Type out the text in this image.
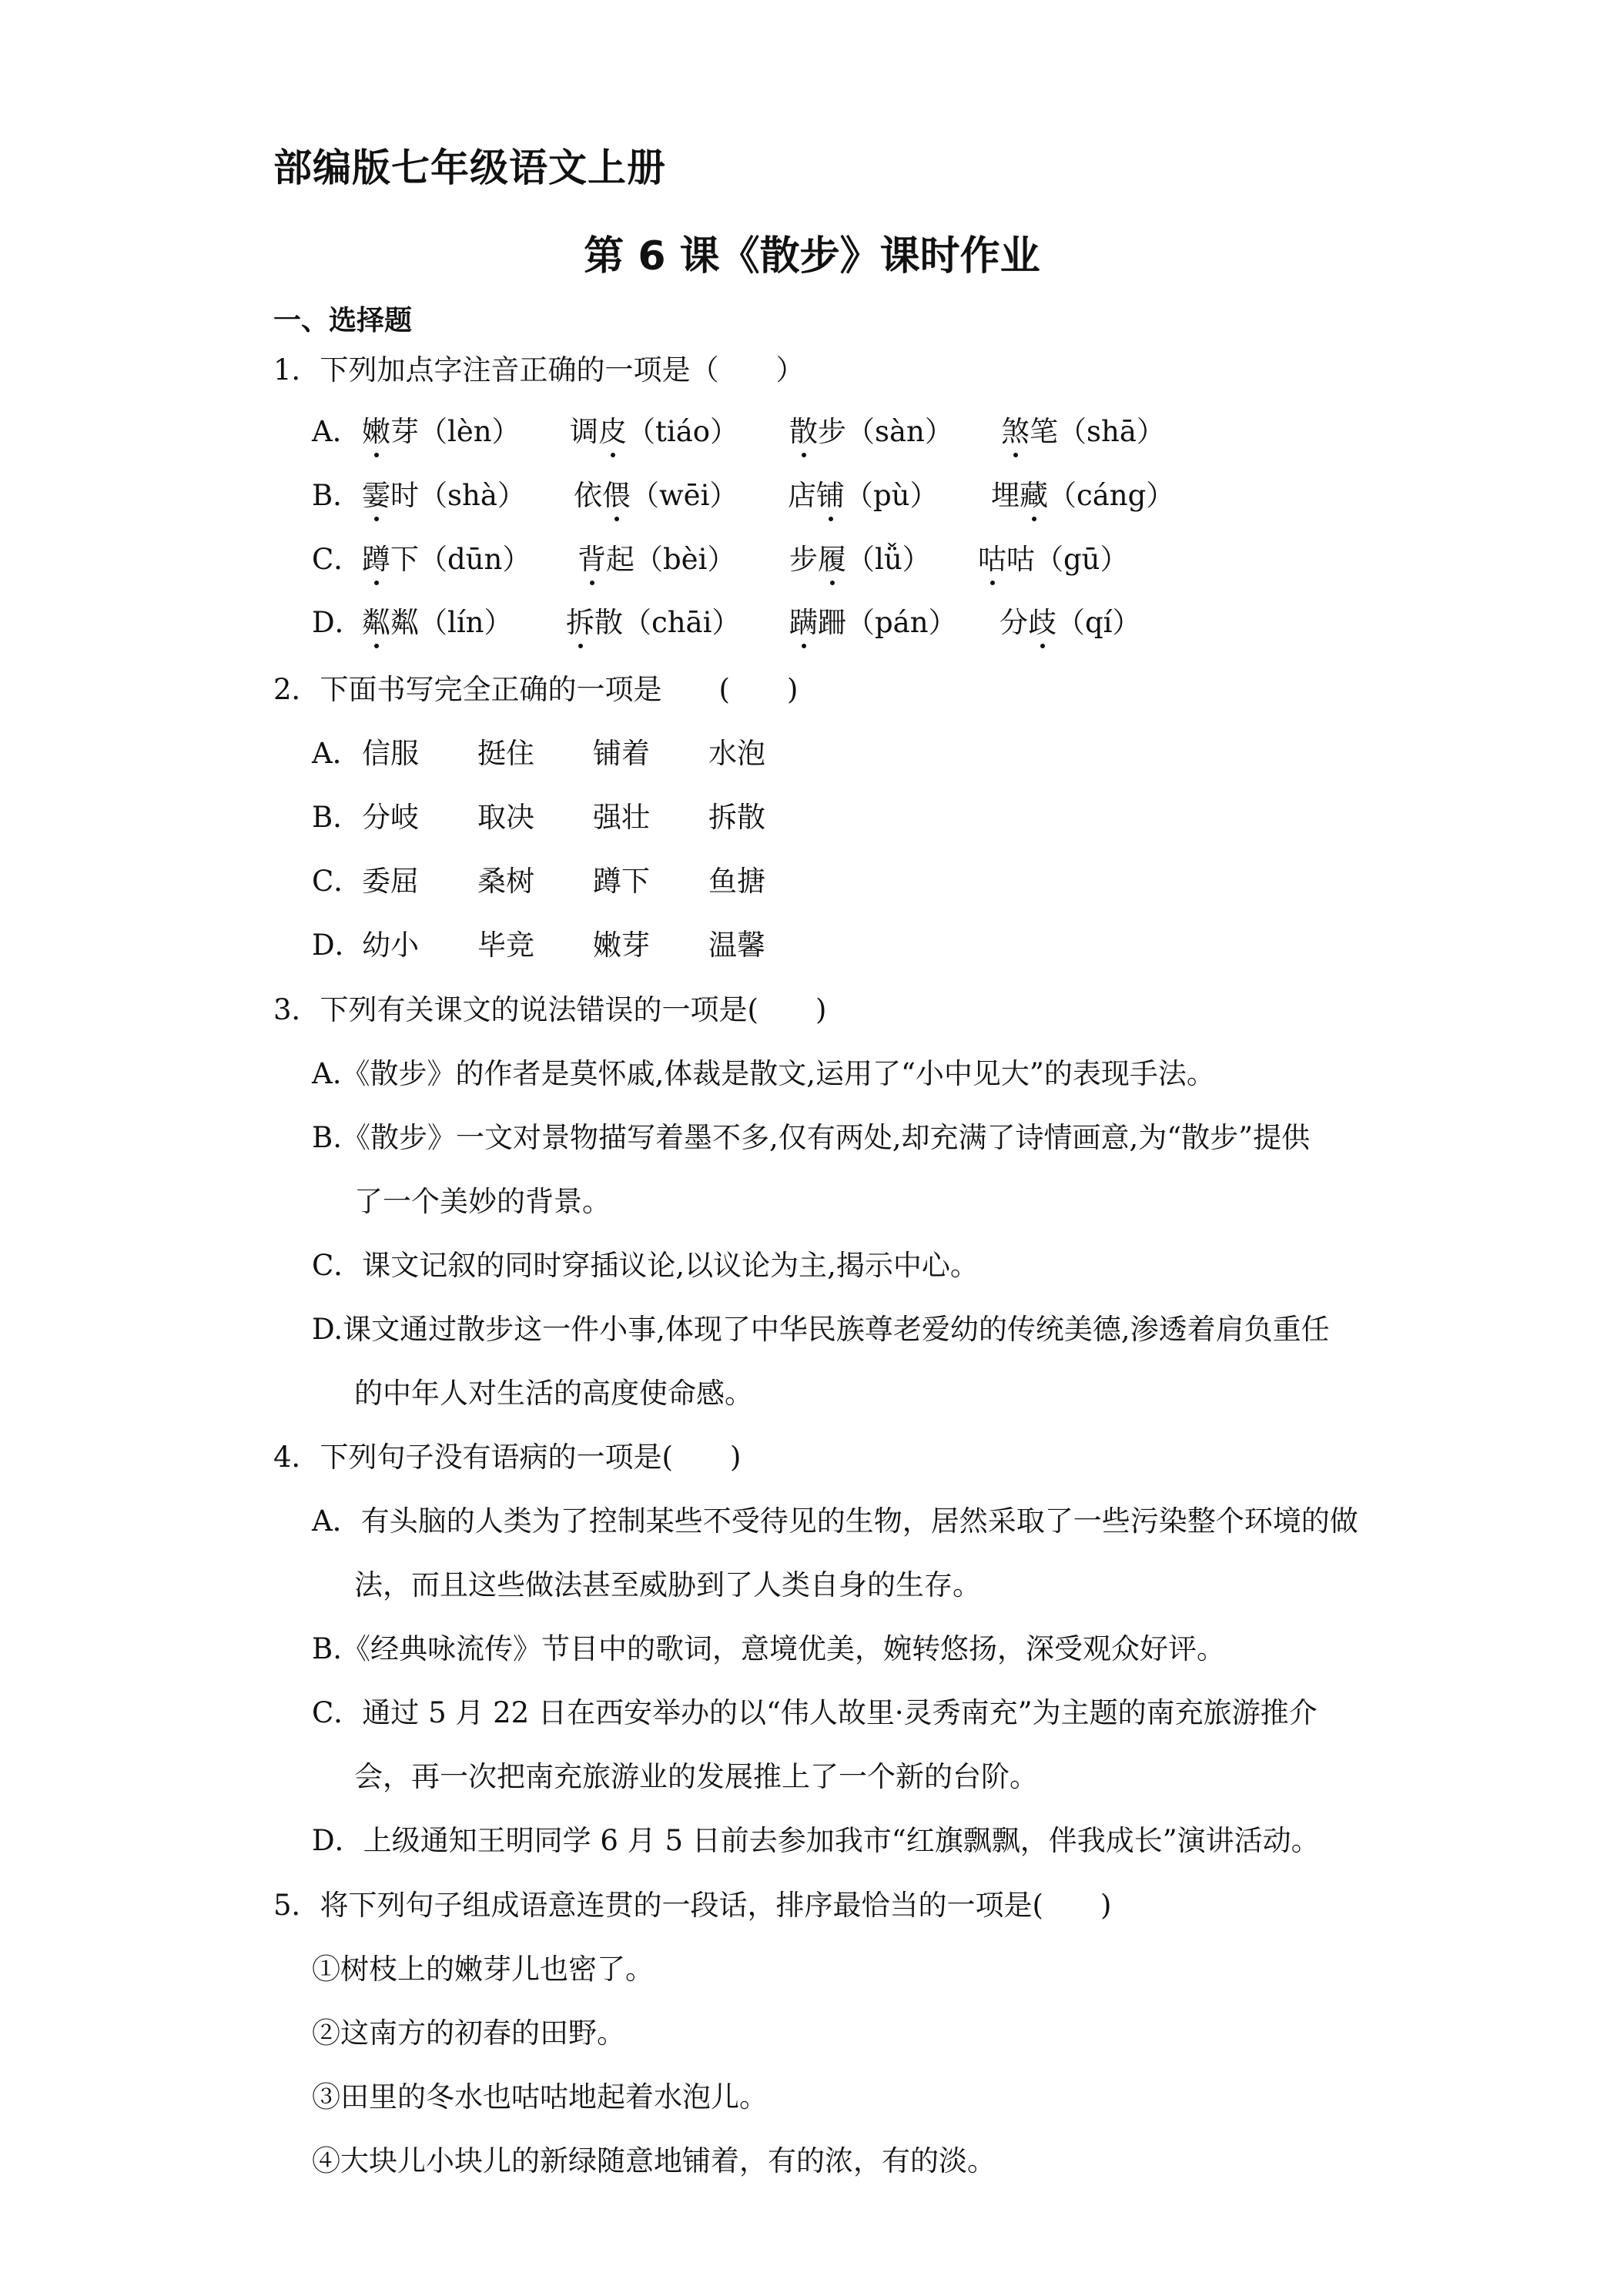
部编版七年级语文上册
第 6 课《散步》课时作业
一、选择题
1．下列加点字注音正确的一项是（　　）
A． 嫩芽（lèn） 调皮（tiáo） 散步（sàn） 煞笔（shā）
B． 霎时（shà） 依偎（wēi） 店铺（pù） 埋藏（cáng）
C． 蹲下（dūn） 背起（bèi） 步履（lǚ） 咕咕（gū）
D．
粼粼（lín） 拆散（chāi） 蹒跚（pán） 分歧（qí）
2．下面书写完全正确的一项是　　(　　)
A． 信服 挺住 铺着 水泡
B． 分岐 取决 强壮 拆散
C． 委屈 桑树 蹲下 鱼搪
D．
幼小 毕竞 嫩芽 温馨
3．下列有关课文的说法错误的一项是(　　)
A.《散步》的作者是莫怀戚,体裁是散文,运用了“小中见大”的表现手法。
B.《散步》一文对景物描写着墨不多,仅有两处,却充满了诗情画意,为“散步”提供
了一个美妙的背景。
C．课文记叙的同时穿插议论,以议论为主,揭示中心。
D.课文通过散步这一件小事,体现了中华民族尊老爱幼的传统美德,渗透着肩负重任
的中年人对生活的高度使命感。
4．下列句子没有语病的一项是(　　)
A．有头脑的人类为了控制某些不受待见的生物，居然采取了一些污染整个环境的做
法，而且这些做法甚至威胁到了人类自身的生存。
B.《经典咏流传》节目中的歌词，意境优美，婉转悠扬，深受观众好评。
C．通过 5 月 22 日在西安举办的以“伟人故里·灵秀南充”为主题的南充旅游推介
会，再一次把南充旅游业的发展推上了一个新的台阶。
D．上级通知王明同学 6 月 5 日前去参加我市“红旗飘飘，伴我成长”演讲活动。
5．将下列句子组成语意连贯的一段话，排序最恰当的一项是(　　)
①树枝上的嫩芽儿也密了。
②这南方的初春的田野。
③田里的冬水也咕咕地起着水泡儿。
④大块儿小块儿的新绿随意地铺着，有的浓，有的淡。
